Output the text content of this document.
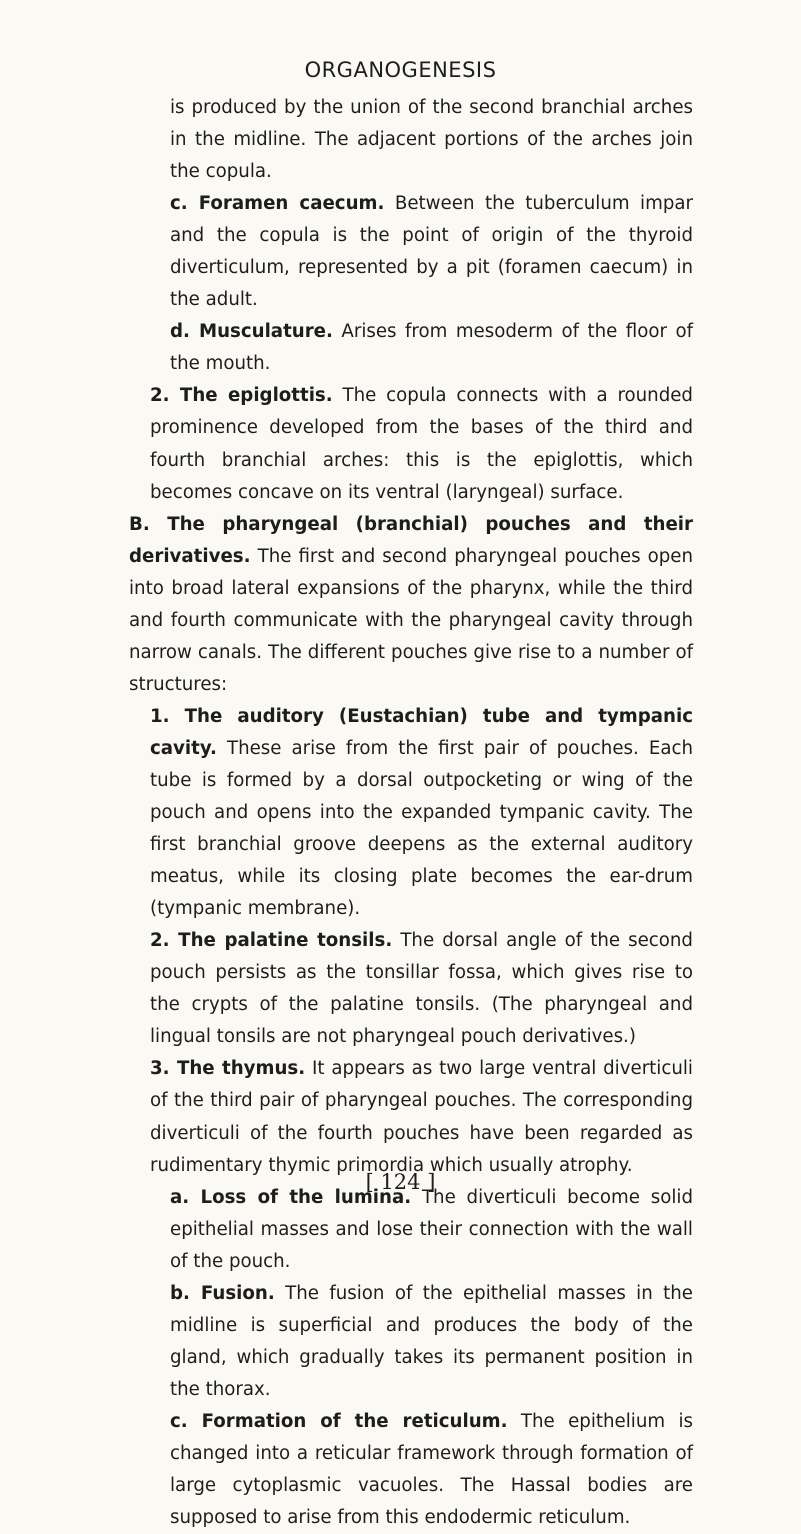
ORGANOGENESIS

is produced by the union of the second branchial arches in the midline. The adjacent portions of the arches join the copula.

c. Foramen caecum. Between the tuberculum impar and the copula is the point of origin of the thyroid diverticulum, represented by a pit (foramen caecum) in the adult.

d. Musculature. Arises from mesoderm of the floor of the mouth.

2. The epiglottis. The copula connects with a rounded prominence developed from the bases of the third and fourth branchial arches: this is the epiglottis, which becomes concave on its ventral (laryngeal) surface.

B. The pharyngeal (branchial) pouches and their derivatives. The first and second pharyngeal pouches open into broad lateral expansions of the pharynx, while the third and fourth communicate with the pharyngeal cavity through narrow canals. The different pouches give rise to a number of structures:

1. The auditory (Eustachian) tube and tympanic cavity. These arise from the first pair of pouches. Each tube is formed by a dorsal outpocketing or wing of the pouch and opens into the expanded tympanic cavity. The first branchial groove deepens as the external auditory meatus, while its closing plate becomes the ear-drum (tympanic membrane).

2. The palatine tonsils. The dorsal angle of the second pouch persists as the tonsillar fossa, which gives rise to the crypts of the palatine tonsils. (The pharyngeal and lingual tonsils are not pharyngeal pouch derivatives.)

3. The thymus. It appears as two large ventral diverticuli of the third pair of pharyngeal pouches. The corresponding diverticuli of the fourth pouches have been regarded as rudimentary thymic primordia which usually atrophy.

a. Loss of the lumina. The diverticuli become solid epithelial masses and lose their connection with the wall of the pouch.

b. Fusion. The fusion of the epithelial masses in the midline is superficial and produces the body of the gland, which gradually takes its permanent position in the thorax.

c. Formation of the reticulum. The epithelium is changed into a reticular framework through formation of large cytoplasmic vacuoles. The Hassal bodies are supposed to arise from this endodermic reticulum.

[ 124 ]
